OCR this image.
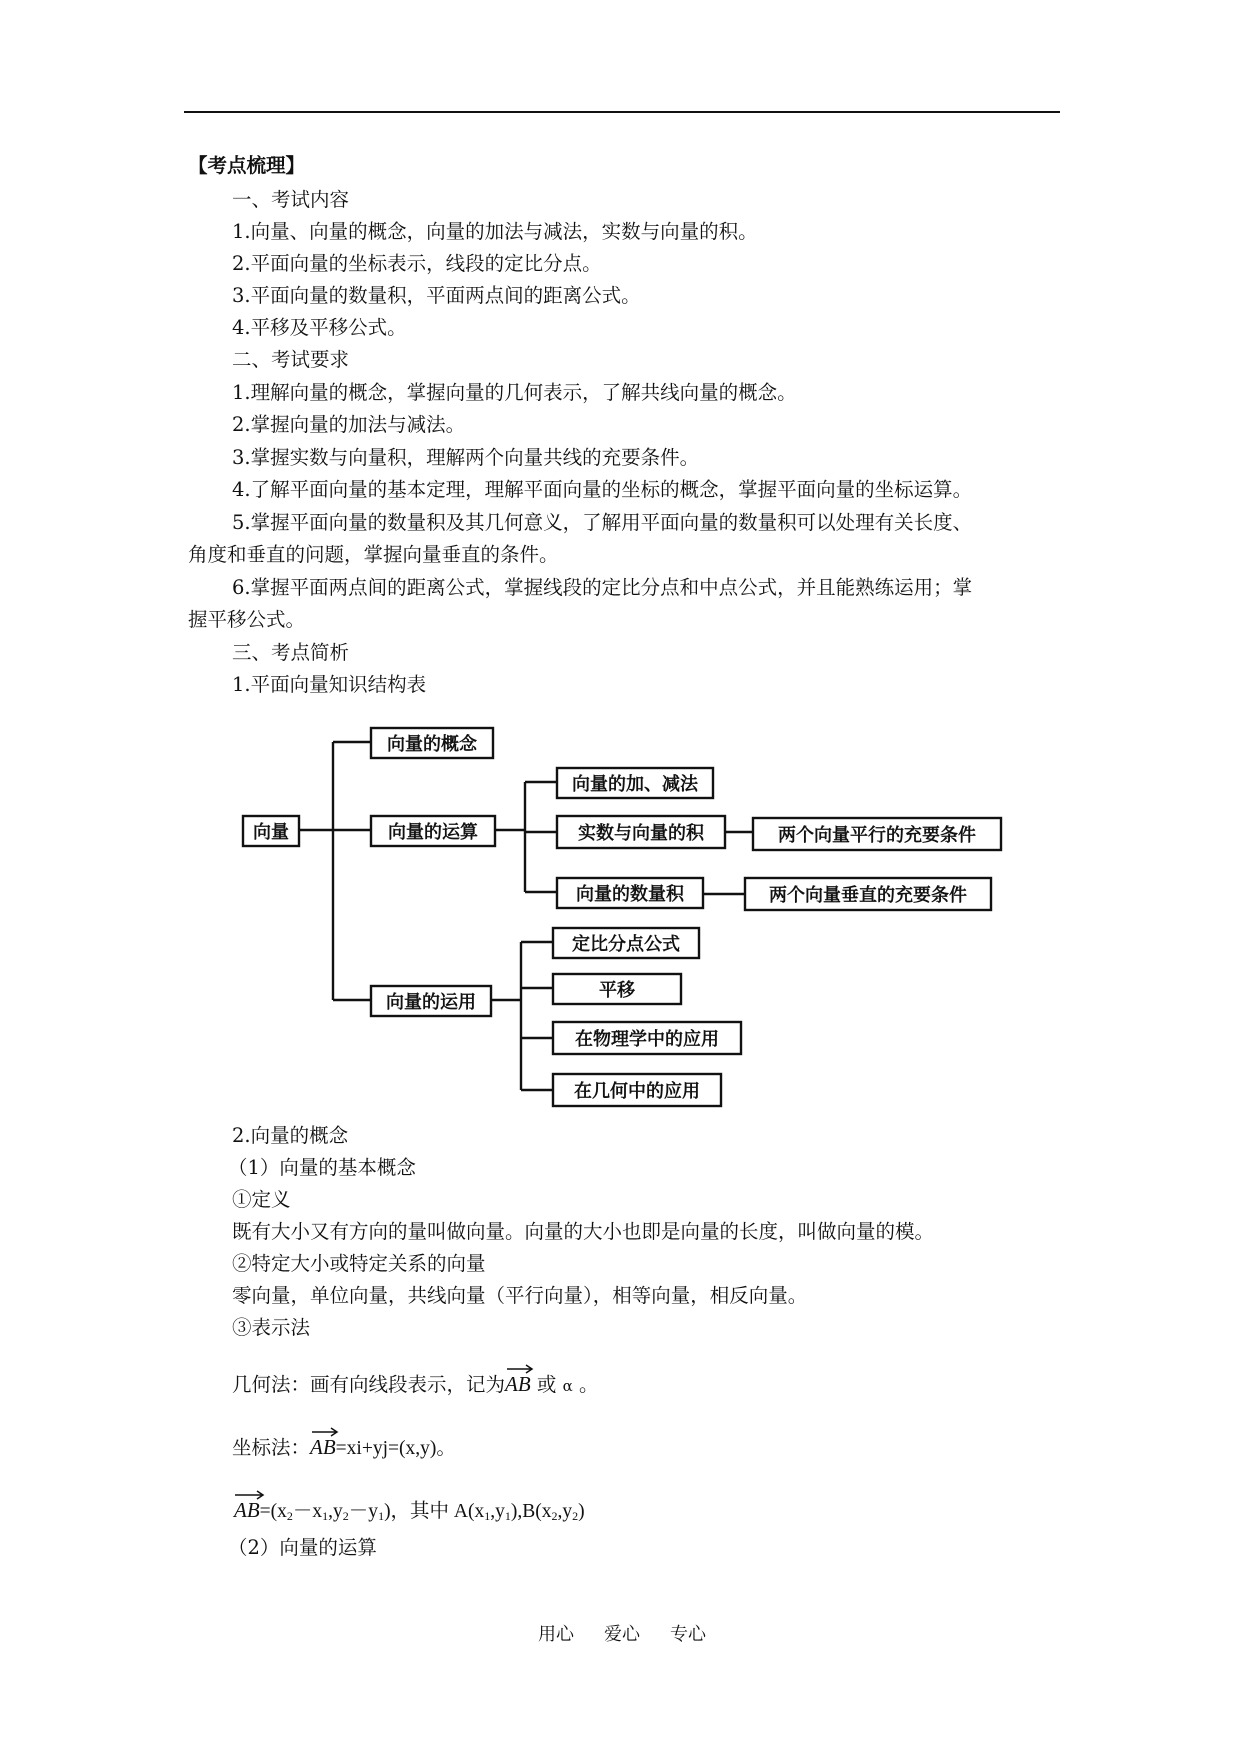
【考点梳理】
一、考试内容
1.向量、向量的概念，向量的加法与减法，实数与向量的积。
2.平面向量的坐标表示，线段的定比分点。
3.平面向量的数量积，平面两点间的距离公式。
4.平移及平移公式。
二、考试要求
1.理解向量的概念，掌握向量的几何表示，了解共线向量的概念。
2.掌握向量的加法与减法。
3.掌握实数与向量积，理解两个向量共线的充要条件。
4.了解平面向量的基本定理，理解平面向量的坐标的概念，掌握平面向量的坐标运算。
5.掌握平面向量的数量积及其几何意义，了解用平面向量的数量积可以处理有关长度、
角度和垂直的问题，掌握向量垂直的条件。
6.掌握平面两点间的距离公式，掌握线段的定比分点和中点公式，并且能熟练运用；掌
握平移公式。
三、考点简析
1.平面向量知识结构表
向量
向量的概念
向量的运算
向量的加、减法
实数与向量的积	两个向量平行的充要条件
向量的数量积	两个向量垂直的充要条件
向量的运用
定比分点公式
平移
在物理学中的应用
在几何中的应用
2.向量的概念
（1）向量的基本概念
①定义
既有大小又有方向的量叫做向量。向量的大小也即是向量的长度，叫做向量的模。
②特定大小或特定关系的向量
零向量，单位向量，共线向量（平行向量），相等向量，相反向量。
③表示法
几何法：画有向线段表示，记为
AB 或 α 。
坐标法：
AB=xi+yj=(x,y)。
$AB=(x_2-x_1,y_2-y_1)$，其中 $A(x_1,y_1),B(x_2,y_2)$
（2）向量的运算
用心 爱心 专心
